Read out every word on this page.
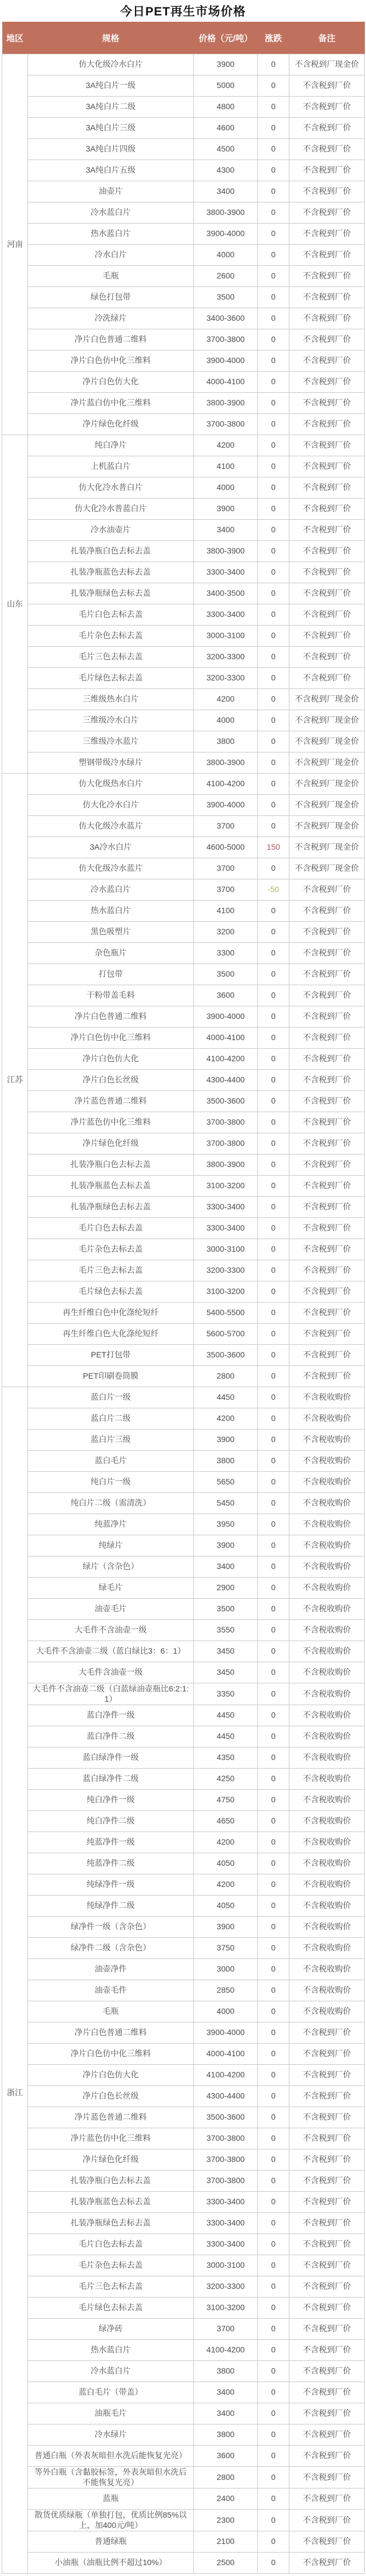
今日PET再生市场价格
地区	规格	价格（元/吨）	涨跌	备注

河南	仿大化级冷水白片	3900	0	不含税到厂现金价
	3A纯白片一级	5000	0	不含税到厂价
	3A纯白片二级	4800	0	不含税到厂价
	3A纯白片三级	4600	0	不含税到厂价
	3A纯白片四级	4500	0	不含税到厂价
	3A纯白片五级	4300	0	不含税到厂价
	油壶片	3400	0	不含税到厂价
	冷水蓝白片	3800-3900	0	不含税到厂价
	热水蓝白片	3900-4000	0	不含税到厂价
	冷水白片	4000	0	不含税到厂价
	毛瓶	2600	0	不含税到厂价
	绿色打包带	3500	0	不含税到厂价
	冷洗绿片	3400-3600	0	不含税到厂价
	净片白色普通二维料	3700-3800	0	不含税到厂价
	净片白色仿中化三维料	3900-4000	0	不含税到厂价
	净片白色仿大化	4000-4100	0	不含税到厂价
	净片蓝白仿中化三维料	3800-3900	0	不含税到厂价
	净片绿色化纤级	3700-3800	0	不含税到厂价

山东	纯白净片	4200	0	不含税到厂价
	上机蓝白片	4100	0	不含税到厂价
	仿大化冷水普白片	4000	0	不含税到厂价
	仿大化冷水普蓝白片	3900	0	不含税到厂价
	冷水油壶片	3400	0	不含税到厂价
	扎装净瓶白色去标去盖	3800-3900	0	不含税到厂价
	扎装净瓶蓝色去标去盖	3300-3400	0	不含税到厂价
	扎装净瓶绿色去标去盖	3400-3500	0	不含税到厂价
	毛片白色去标去盖	3300-3400	0	不含税到厂价
	毛片杂色去标去盖	3000-3100	0	不含税到厂价
	毛片三色去标去盖	3200-3300	0	不含税到厂价
	毛片绿色去标去盖	3200-3300	0	不含税到厂价
	三维级热水白片	4200	0	不含税到厂现金价
	三维级冷水白片	4000	0	不含税到厂现金价
	三维级冷水蓝片	3800	0	不含税到厂现金价
	塑钢带级冷水绿片	3800-3900	0	不含税到厂现金价

江苏	仿大化级热水白片	4100-4200	0	不含税到厂现金价
	仿大化冷水白片	3900-4000	0	不含税到厂现金价
	仿大化级冷水蓝片	3700	0	不含税到厂现金价
	3A冷水白片	4600-5000	150	不含税到厂现金价
	仿大化级冷水蓝片	3700	0	不含税到厂现金价
	冷水蓝白片	3700	-50	不含税到厂价
	热水蓝白片	4100	0	不含税到厂价
	黑色吸塑片	3200	0	不含税到厂价
	杂色瓶片	3300	0	不含税到厂价
	打包带	3500	0	不含税到厂价
	干粉带盖毛料	3600	0	不含税到厂价
	净片白色普通二维料	3900-4000	0	不含税到厂价
	净片白色仿中化三维料	4000-4100	0	不含税到厂价
	净片白色仿大化	4100-4200	0	不含税到厂价
	净片白色长丝级	4300-4400	0	不含税到厂价
	净片蓝色普通二维料	3500-3600	0	不含税到厂价
	净片蓝色仿中化三维料	3700-3800	0	不含税到厂价
	净片绿色化纤级	3700-3800	0	不含税到厂价
	扎装净瓶白色去标去盖	3800-3900	0	不含税到厂价
	扎装净瓶蓝色去标去盖	3100-3200	0	不含税到厂价
	扎装净瓶绿色去标去盖	3300-3400	0	不含税到厂价
	毛片白色去标去盖	3300-3400	0	不含税到厂价
	毛片杂色去标去盖	3000-3100	0	不含税到厂价
	毛片三色去标去盖	3200-3300	0	不含税到厂价
	毛片绿色去标去盖	3100-3200	0	不含税到厂价
	再生纤维白色中化涤纶短纤	5400-5500	0	不含税到厂价
	再生纤维白色大化涤纶短纤	5600-5700	0	不含税到厂价
	PET打包带	3500-3600	0	不含税到厂价
	PET印刷卷筒膜	2800	0	不含税到厂价

浙江	蓝白片一级	4450	0	不含税收购价
	蓝白片二级	4200	0	不含税收购价
	蓝白片三级	3900	0	不含税收购价
	蓝白毛片	3800	0	不含税收购价
	纯白片一级	5650	0	不含税收购价
	纯白片二级（需清洗）	5450	0	不含税收购价
	纯蓝净片	3950	0	不含税收购价
	纯绿片	3900	0	不含税收购价
	绿片（含杂色）	3400	0	不含税收购价
	绿毛片	2900	0	不含税收购价
	油壶毛片	3500	0	不含税收购价
	大毛件不含油壶一级	3550	0	不含税收购价
	大毛件不含油壶二级（蓝白绿比3：6：1）	3450	0	不含税收购价
	大毛件含油壶一级	3450	0	不含税收购价
	大毛件不含油壶二级（白蓝绿油壶瓶比6:2:1:1）	3350	0	不含税收购价
	蓝白净件一级	4450	0	不含税收购价
	蓝白净件二级	4450	0	不含税收购价
	蓝白绿净件一级	4350	0	不含税收购价
	蓝白绿净件二级	4250	0	不含税收购价
	纯白净件一级	4750	0	不含税收购价
	纯白净件二级	4650	0	不含税收购价
	纯蓝净件一级	4200	0	不含税收购价
	纯蓝净件二级	4050	0	不含税收购价
	纯绿净件一级	4200	0	不含税收购价
	纯绿净件二级	4050	0	不含税收购价
	绿净件一级（含杂色）	3900	0	不含税收购价
	绿净件二级（含杂色）	3750	0	不含税收购价
	油壶净件	3000	0	不含税收购价
	油壶毛件	2850	0	不含税收购价
	毛瓶	4000	0	不含税收购价
	净片白色普通二维料	3900-4000	0	不含税到厂价
	净片白色仿中化三维料	4000-4100	0	不含税到厂价
	净片白色仿大化	4100-4200	0	不含税到厂价
	净片白色长丝级	4300-4400	0	不含税到厂价
	净片蓝色普通二维料	3500-3600	0	不含税到厂价
	净片蓝色仿中化三维料	3700-3800	0	不含税到厂价
	净片绿色化纤级	3700-3800	0	不含税到厂价
	扎装净瓶白色去标去盖	3700-3800	0	不含税到厂价
	扎装净瓶蓝色去标去盖	3300-3400	0	不含税到厂价
	扎装净瓶绿色去标去盖	3300-3400	0	不含税到厂价
	毛片白色去标去盖	3300-3400	0	不含税到厂价
	毛片杂色去标去盖	3000-3100	0	不含税到厂价
	毛片三色去标去盖	3200-3300	0	不含税到厂价
	毛片绿色去标去盖	3100-3200	0	不含税到厂价
	绿净砖	3700	0	不含税到厂价
	热水蓝白片	4100-4200	0	不含税到厂价
	冷水蓝白片	3800	0	不含税到厂价
	蓝白毛片（带盖）	3400	0	不含税到厂价
	油瓶毛片	3400	0	不含税到厂价
	冷水绿片	3800	0	不含税到厂价
	普通白瓶（外表灰暗但水洗后能恢复光亮）	3600	0	不含税到厂价
	等外白瓶（含黏胶标签，外表灰暗但水洗后不能恢复光亮）	2800	0	不含税到厂价
	蓝瓶	2400	0	不含税到厂价
	散货优质绿瓶（单独打包，优质比例85%以上，加400元/吨）	2300	0	不含税到厂价
	普通绿瓶	2100	0	不含税到厂价
	小油瓶（油瓶比例不超过10%）	2500	0	不含税到厂价
